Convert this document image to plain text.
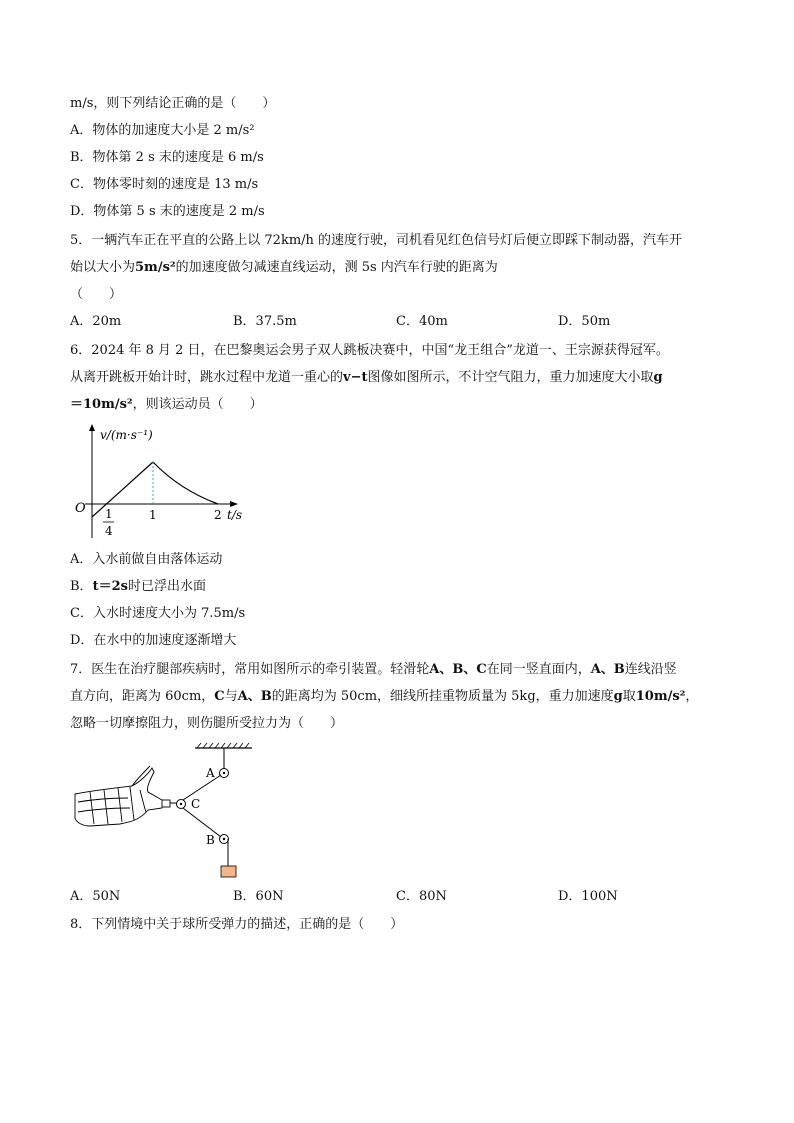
m/s，则下列结论正确的是（　　）
A．物体的加速度大小是 2 m/s²
B．物体第 2 s 末的速度是 6 m/s
C．物体零时刻的速度是 13 m/s
D．物体第 5 s 末的速度是 2 m/s
5．一辆汽车正在平直的公路上以 72km/h 的速度行驶，司机看见红色信号灯后便立即踩下制动器，汽车开
始以大小为5m/s²的加速度做匀减速直线运动，测 5s 内汽车行驶的距离为
（　　）
A．20m	B．37.5m	C．40m	D．50m
6．2024 年 8 月 2 日，在巴黎奥运会男子双人跳板决赛中，中国“龙王组合”龙道一、王宗源获得冠军。
从离开跳板开始计时，跳水过程中龙道一重心的v−t图像如图所示，不计空气阻力，重力加速度大小取g
＝10m/s²，则该运动员（　　）
v/(m·s⁻¹)
t/s
O 1
4
1	2
A．入水前做自由落体运动
B．t＝2s时已浮出水面
C．入水时速度大小为 7.5m/s
D．在水中的加速度逐渐增大
7．医生在治疗腿部疾病时，常用如图所示的牵引装置。轻滑轮A、B、C在同一竖直面内，A、B连线沿竖
直方向，距离为 60cm，C与A、B的距离均为 50cm，细线所挂重物质量为 5kg，重力加速度g取10m/s²，
忽略一切摩擦阻力，则伤腿所受拉力为（　　）
A
B
C
A．50N	B．60N	C．80N	D．100N
8．下列情境中关于球所受弹力的描述，正确的是（　　）
